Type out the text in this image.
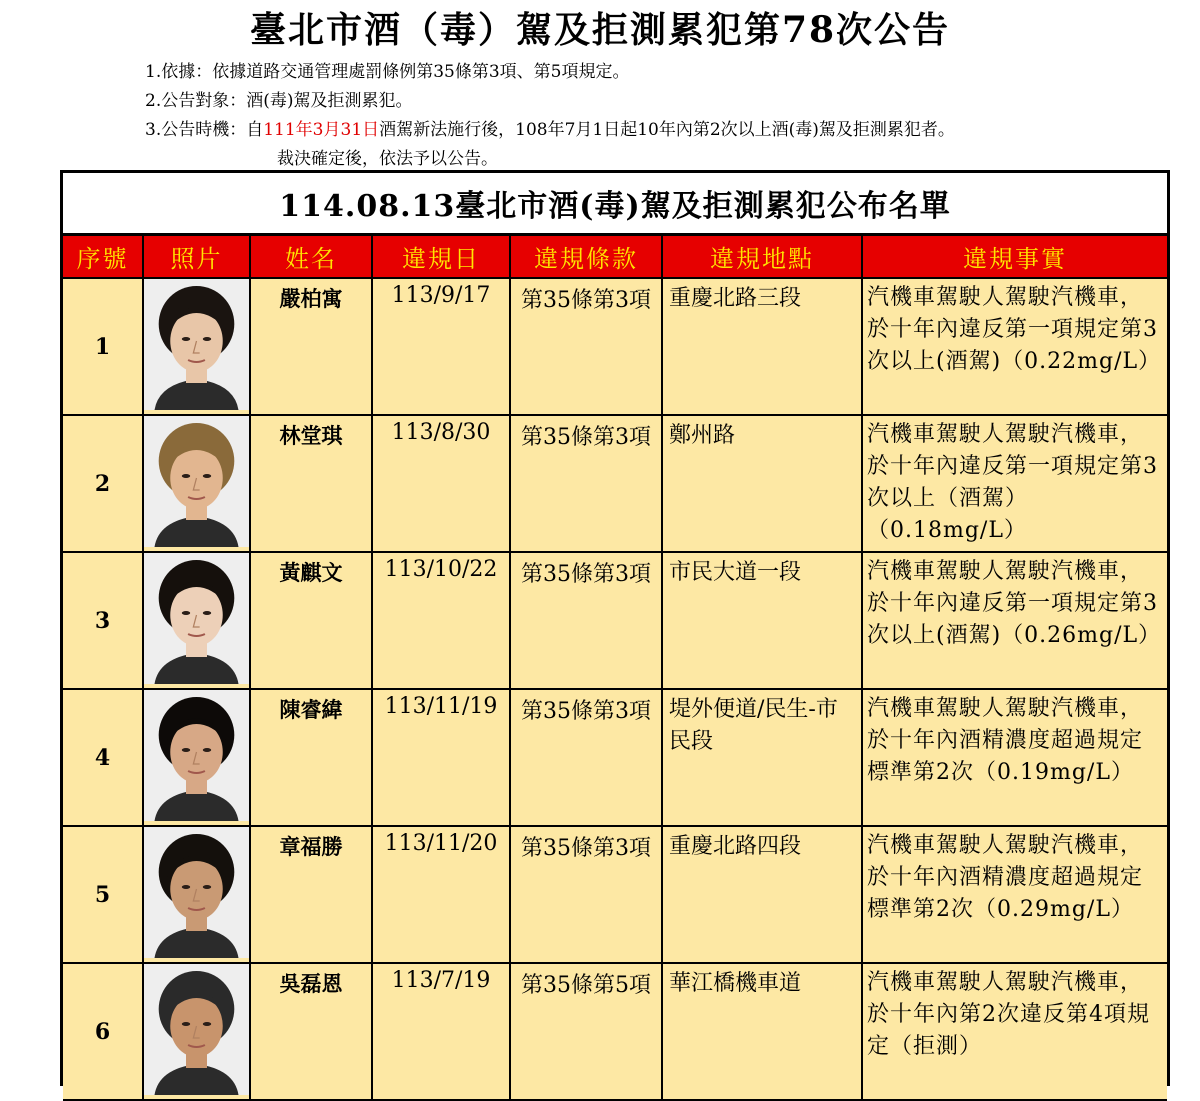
臺北市酒（毒）駕及拒測累犯第78次公告
1.依據：依據道路交通管理處罰條例第35條第3項、第5項規定。
2.公告對象：酒(毒)駕及拒測累犯。
3.公告時機：自111年3月31日酒駕新法施行後，108年7月1日起10年內第2次以上酒(毒)駕及拒測累犯者。
裁決確定後，依法予以公告。
114.08.13臺北市酒(毒)駕及拒測累犯公布名單
序號	照片	姓名	違規日	違規條款	違規地點	違規事實
1		嚴柏寓	113/9/17	第35條第3項	重慶北路三段	汽機車駕駛人駕駛汽機車，於十年內違反第一項規定第3次以上(酒駕)（0.22mg/L）
2		林堂琪	113/8/30	第35條第3項	鄭州路	汽機車駕駛人駕駛汽機車，於十年內違反第一項規定第3次以上（酒駕）（0.18mg/L）
3		黃麒文	113/10/22	第35條第3項	市民大道一段	汽機車駕駛人駕駛汽機車，於十年內違反第一項規定第3次以上(酒駕)（0.26mg/L）
4		陳睿緯	113/11/19	第35條第3項	堤外便道/民生-市民段	汽機車駕駛人駕駛汽機車，於十年內酒精濃度超過規定標準第2次（0.19mg/L）
5		章福勝	113/11/20	第35條第3項	重慶北路四段	汽機車駕駛人駕駛汽機車，於十年內酒精濃度超過規定標準第2次（0.29mg/L）
6		吳磊恩	113/7/19	第35條第5項	華江橋機車道	汽機車駕駛人駕駛汽機車，於十年內第2次違反第4項規定（拒測）
